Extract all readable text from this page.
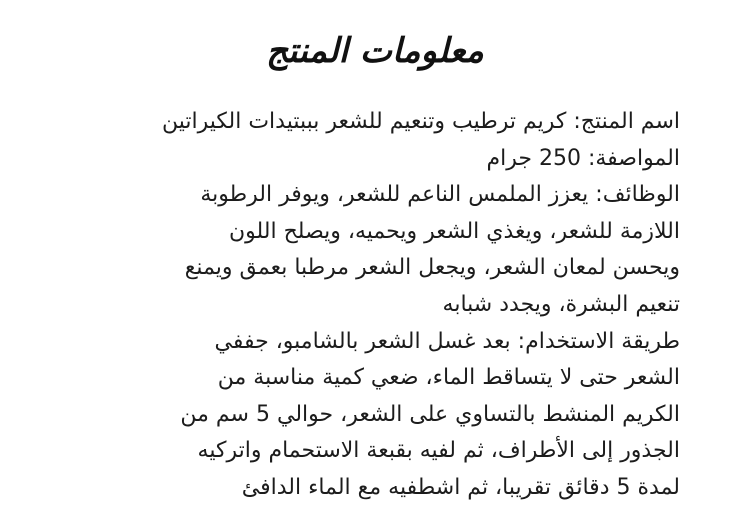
معلومات المنتج

اسم المنتج: كريم ترطيب وتنعيم للشعر بببتيدات الكيراتين

المواصفة: 250 جرام

الوظائف: يعزز الملمس الناعم للشعر، ويوفر الرطوبة
اللازمة للشعر، ويغذي الشعر ويحميه، ويصلح اللون
ويحسن لمعان الشعر، ويجعل الشعر مرطبا بعمق ويمنع
تنعيم البشرة، ويجدد شبابه

طريقة الاستخدام: بعد غسل الشعر بالشامبو، جففي
الشعر حتى لا يتساقط الماء، ضعي كمية مناسبة من
الكريم المنشط بالتساوي على الشعر، حوالي 5 سم من
الجذور إلى الأطراف، ثم لفيه بقبعة الاستحمام واتركيه
لمدة 5 دقائق تقريبا، ثم اشطفيه مع الماء الدافئ
